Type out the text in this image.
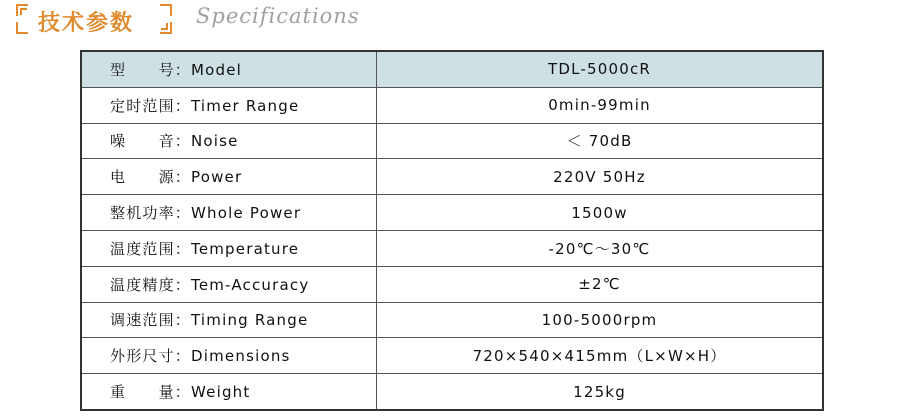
技术参数	Specifications
型　　号：Model	TDL-5000cR
定时范围：Timer Range	0min-99min
噪　　音：Noise	＜ 70dB
电　　源：Power	220V 50Hz
整机功率：Whole Power	1500w
温度范围：Temperature	-20℃～30℃
温度精度：Tem-Accuracy	±2℃
调速范围：Timing Range	100-5000rpm
外形尺寸：Dimensions	720×540×415mm（L×W×H）
重　　量：Weight	125kg
